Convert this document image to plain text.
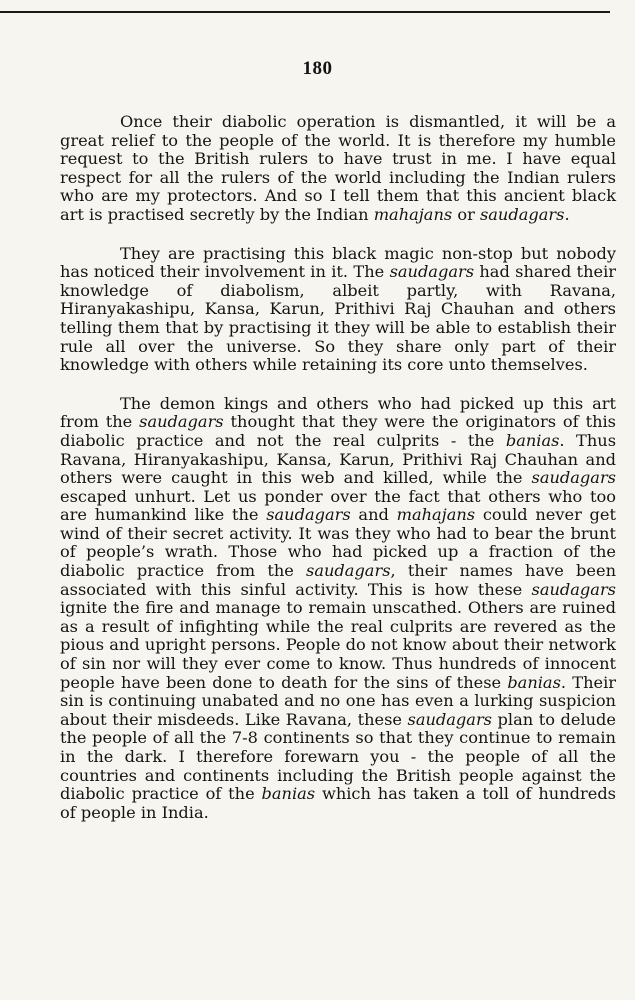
180

Once their diabolic operation is dismantled, it will be a great relief to the people of the world. It is therefore my humble request to the British rulers to have trust in me. I have equal respect for all the rulers of the world including the Indian rulers who are my protectors. And so I tell them that this ancient black art is practised secretly by the Indian mahajans or saudagars.

They are practising this black magic non-stop but nobody has noticed their involvement in it. The saudagars had shared their knowledge of diabolism, albeit partly, with Ravana, Hiranyakashipu, Kansa, Karun, Prithivi Raj Chauhan and others telling them that by practising it they will be able to establish their rule all over the universe. So they share only part of their knowledge with others while retaining its core unto themselves.

The demon kings and others who had picked up this art from the saudagars thought that they were the originators of this diabolic practice and not the real culprits - the banias. Thus Ravana, Hiranyakashipu, Kansa, Karun, Prithivi Raj Chauhan and others were caught in this web and killed, while the saudagars escaped unhurt. Let us ponder over the fact that others who too are humankind like the saudagars and mahajans could never get wind of their secret activity. It was they who had to bear the brunt of people’s wrath. Those who had picked up a fraction of the diabolic practice from the saudagars, their names have been associated with this sinful activity. This is how these saudagars ignite the fire and manage to remain unscathed. Others are ruined as a result of infighting while the real culprits are revered as the pious and upright persons. People do not know about their network of sin nor will they ever come to know. Thus hundreds of innocent people have been done to death for the sins of these banias. Their sin is continuing unabated and no one has even a lurking suspicion about their misdeeds. Like Ravana, these saudagars plan to delude the people of all the 7-8 continents so that they continue to remain in the dark. I therefore forewarn you - the people of all the countries and continents including the British people against the diabolic practice of the banias which has taken a toll of hundreds of people in India.
